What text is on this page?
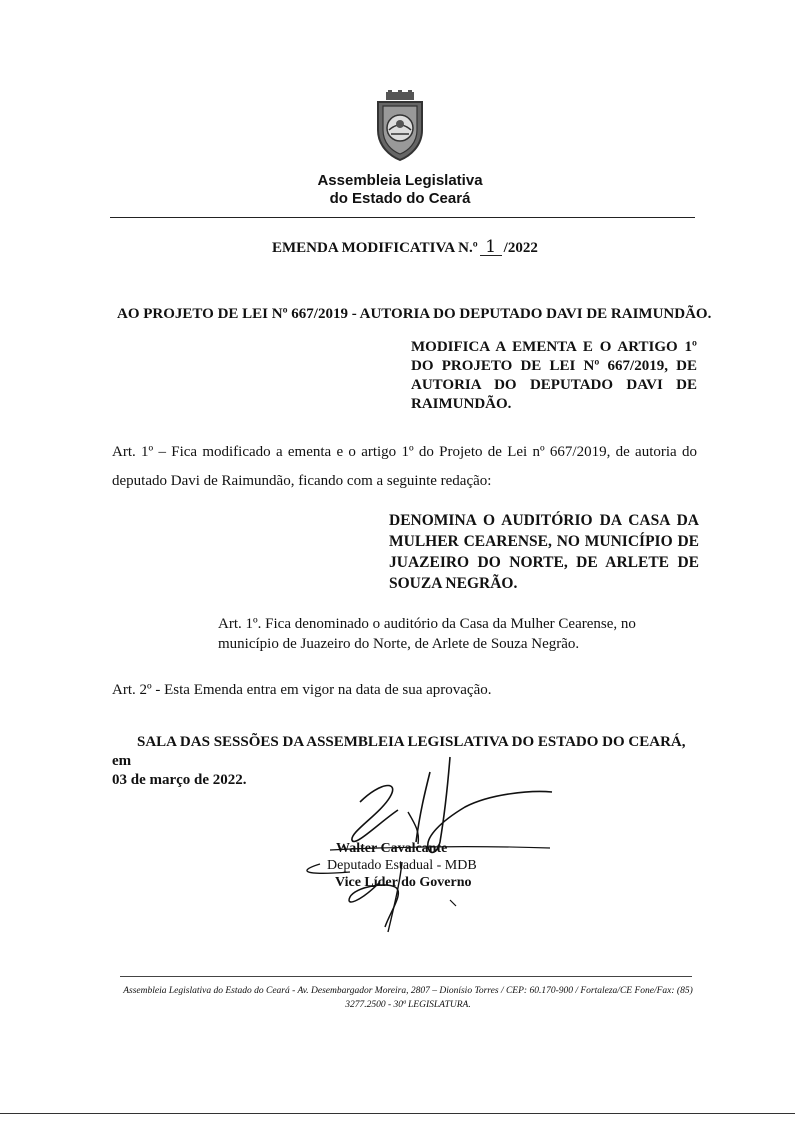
Assembleia Legislativa
do Estado do Ceará
EMENDA MODIFICATIVA N.º 1 /2022
AO PROJETO DE LEI Nº 667/2019 - AUTORIA DO DEPUTADO DAVI DE RAIMUNDÃO.
MODIFICA A EMENTA E O ARTIGO 1º DO PROJETO DE LEI Nº 667/2019, DE AUTORIA DO DEPUTADO DAVI DE RAIMUNDÃO.
Art. 1º – Fica modificado a ementa e o artigo 1º do Projeto de Lei nº 667/2019, de autoria do deputado Davi de Raimundão, ficando com a seguinte redação:
DENOMINA O AUDITÓRIO DA CASA DA MULHER CEARENSE, NO MUNICÍPIO DE JUAZEIRO DO NORTE, DE ARLETE DE SOUZA NEGRÃO.
Art. 1º. Fica denominado o auditório da Casa da Mulher Cearense, no município de Juazeiro do Norte, de Arlete de Souza Negrão.
Art. 2º - Esta Emenda entra em vigor na data de sua aprovação.
SALA DAS SESSÕES DA ASSEMBLEIA LEGISLATIVA DO ESTADO DO CEARÁ, em
03 de março de 2022.
Walter Cavalcante
Deputado Estadual - MDB
Vice Líder do Governo
Assembleia Legislativa do Estado do Ceará - Av. Desembargador Moreira, 2807 – Dionísio Torres / CEP: 60.170-900 / Fortaleza/CE Fone/Fax: (85)
3277.2500 - 30ª LEGISLATURA.
